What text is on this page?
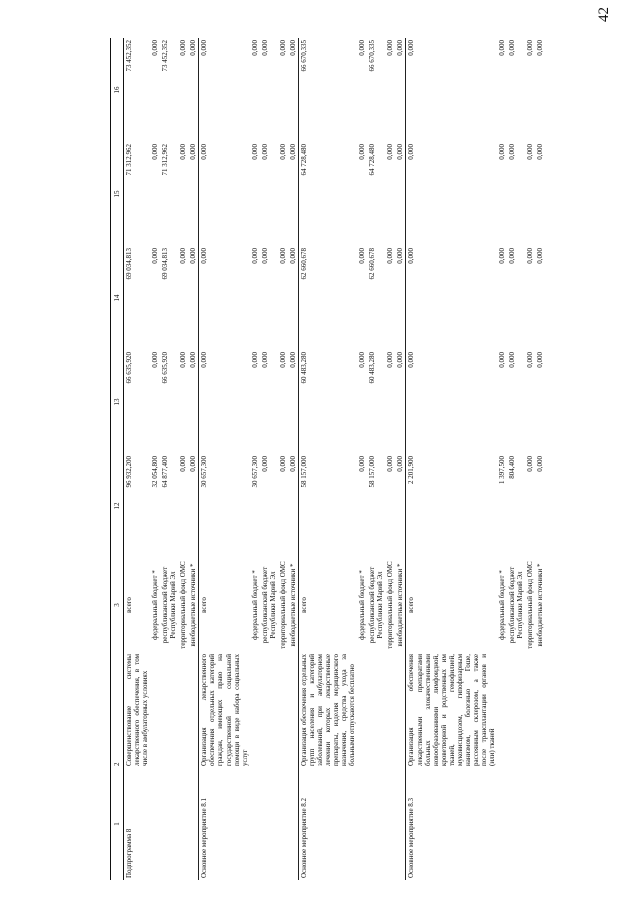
42
1	2	3	12	13	14	15	16
Подпрограмма 8	Совершенствование системы лекарственного обеспечения, в том числе в амбулаторных условиях	всего	96 932,200	66 635,920	69 034,813	71 312,962	73 452,352
		федеральный бюджет *	32 054,800	0,000	0,000	0,000	0,000
		республиканский бюджет Республики Марий Эл	64 877,400	66 635,920	69 034,813	71 312,962	73 452,352
		территориальный фонд ОМС	0,000	0,000	0,000	0,000	0,000
		внебюджетные источники *	0,000	0,000	0,000	0,000	0,000
Основное мероприятие 8.1	Организация лекарственного обеспечения отдельных категорий граждан, имеющих право на государственной социальной помощи в виде набора социальных услуг	всего	30 657,300	0,000	0,000	0,000	0,000
		федеральный бюджет *	30 657,300	0,000	0,000	0,000	0,000
		республиканский бюджет Республики Марий Эл	0,000	0,000	0,000	0,000	0,000
		территориальный фонд ОМС	0,000	0,000	0,000	0,000	0,000
		внебюджетные источники *	0,000	0,000	0,000	0,000	0,000
Основное мероприятие 8.2	Организация обеспечения отдельных групп населения и категорий заболеваний, при амбулаторном лечении которых лекарственные препараты, изделия медицинского назначения, средства ухода за больными отпускаются бесплатно	всего	58 157,000	60 483,280	62 660,678	64 728,480	66 670,335
		федеральный бюджет *	0,000	0,000	0,000	0,000	0,000
		республиканский бюджет Республики Марий Эл	58 157,000	60 483,280	62 660,678	64 728,480	66 670,335
		территориальный фонд ОМС	0,000	0,000	0,000	0,000	0,000
		внебюджетные источники *	0,000	0,000	0,000	0,000	0,000
Основное мероприятие 8.3	Организация обеспечения лекарственными препаратами больных злокачественными новообразованиями лимфоидной, кроветворной и родственных им тканей, гемофилией, муковисцидозом, гипофизарным нанизмом, болезнью Гоше, рассеянным склерозом, а также после трансплантации органов и (или) тканей	всего	2 201,900	0,000	0,000	0,000	0,000
		федеральный бюджет *	1 397,500	0,000	0,000	0,000	0,000
		республиканский бюджет Республики Марий Эл	804,400	0,000	0,000	0,000	0,000
		территориальный фонд ОМС	0,000	0,000	0,000	0,000	0,000
		внебюджетные источники *	0,000	0,000	0,000	0,000	0,000
